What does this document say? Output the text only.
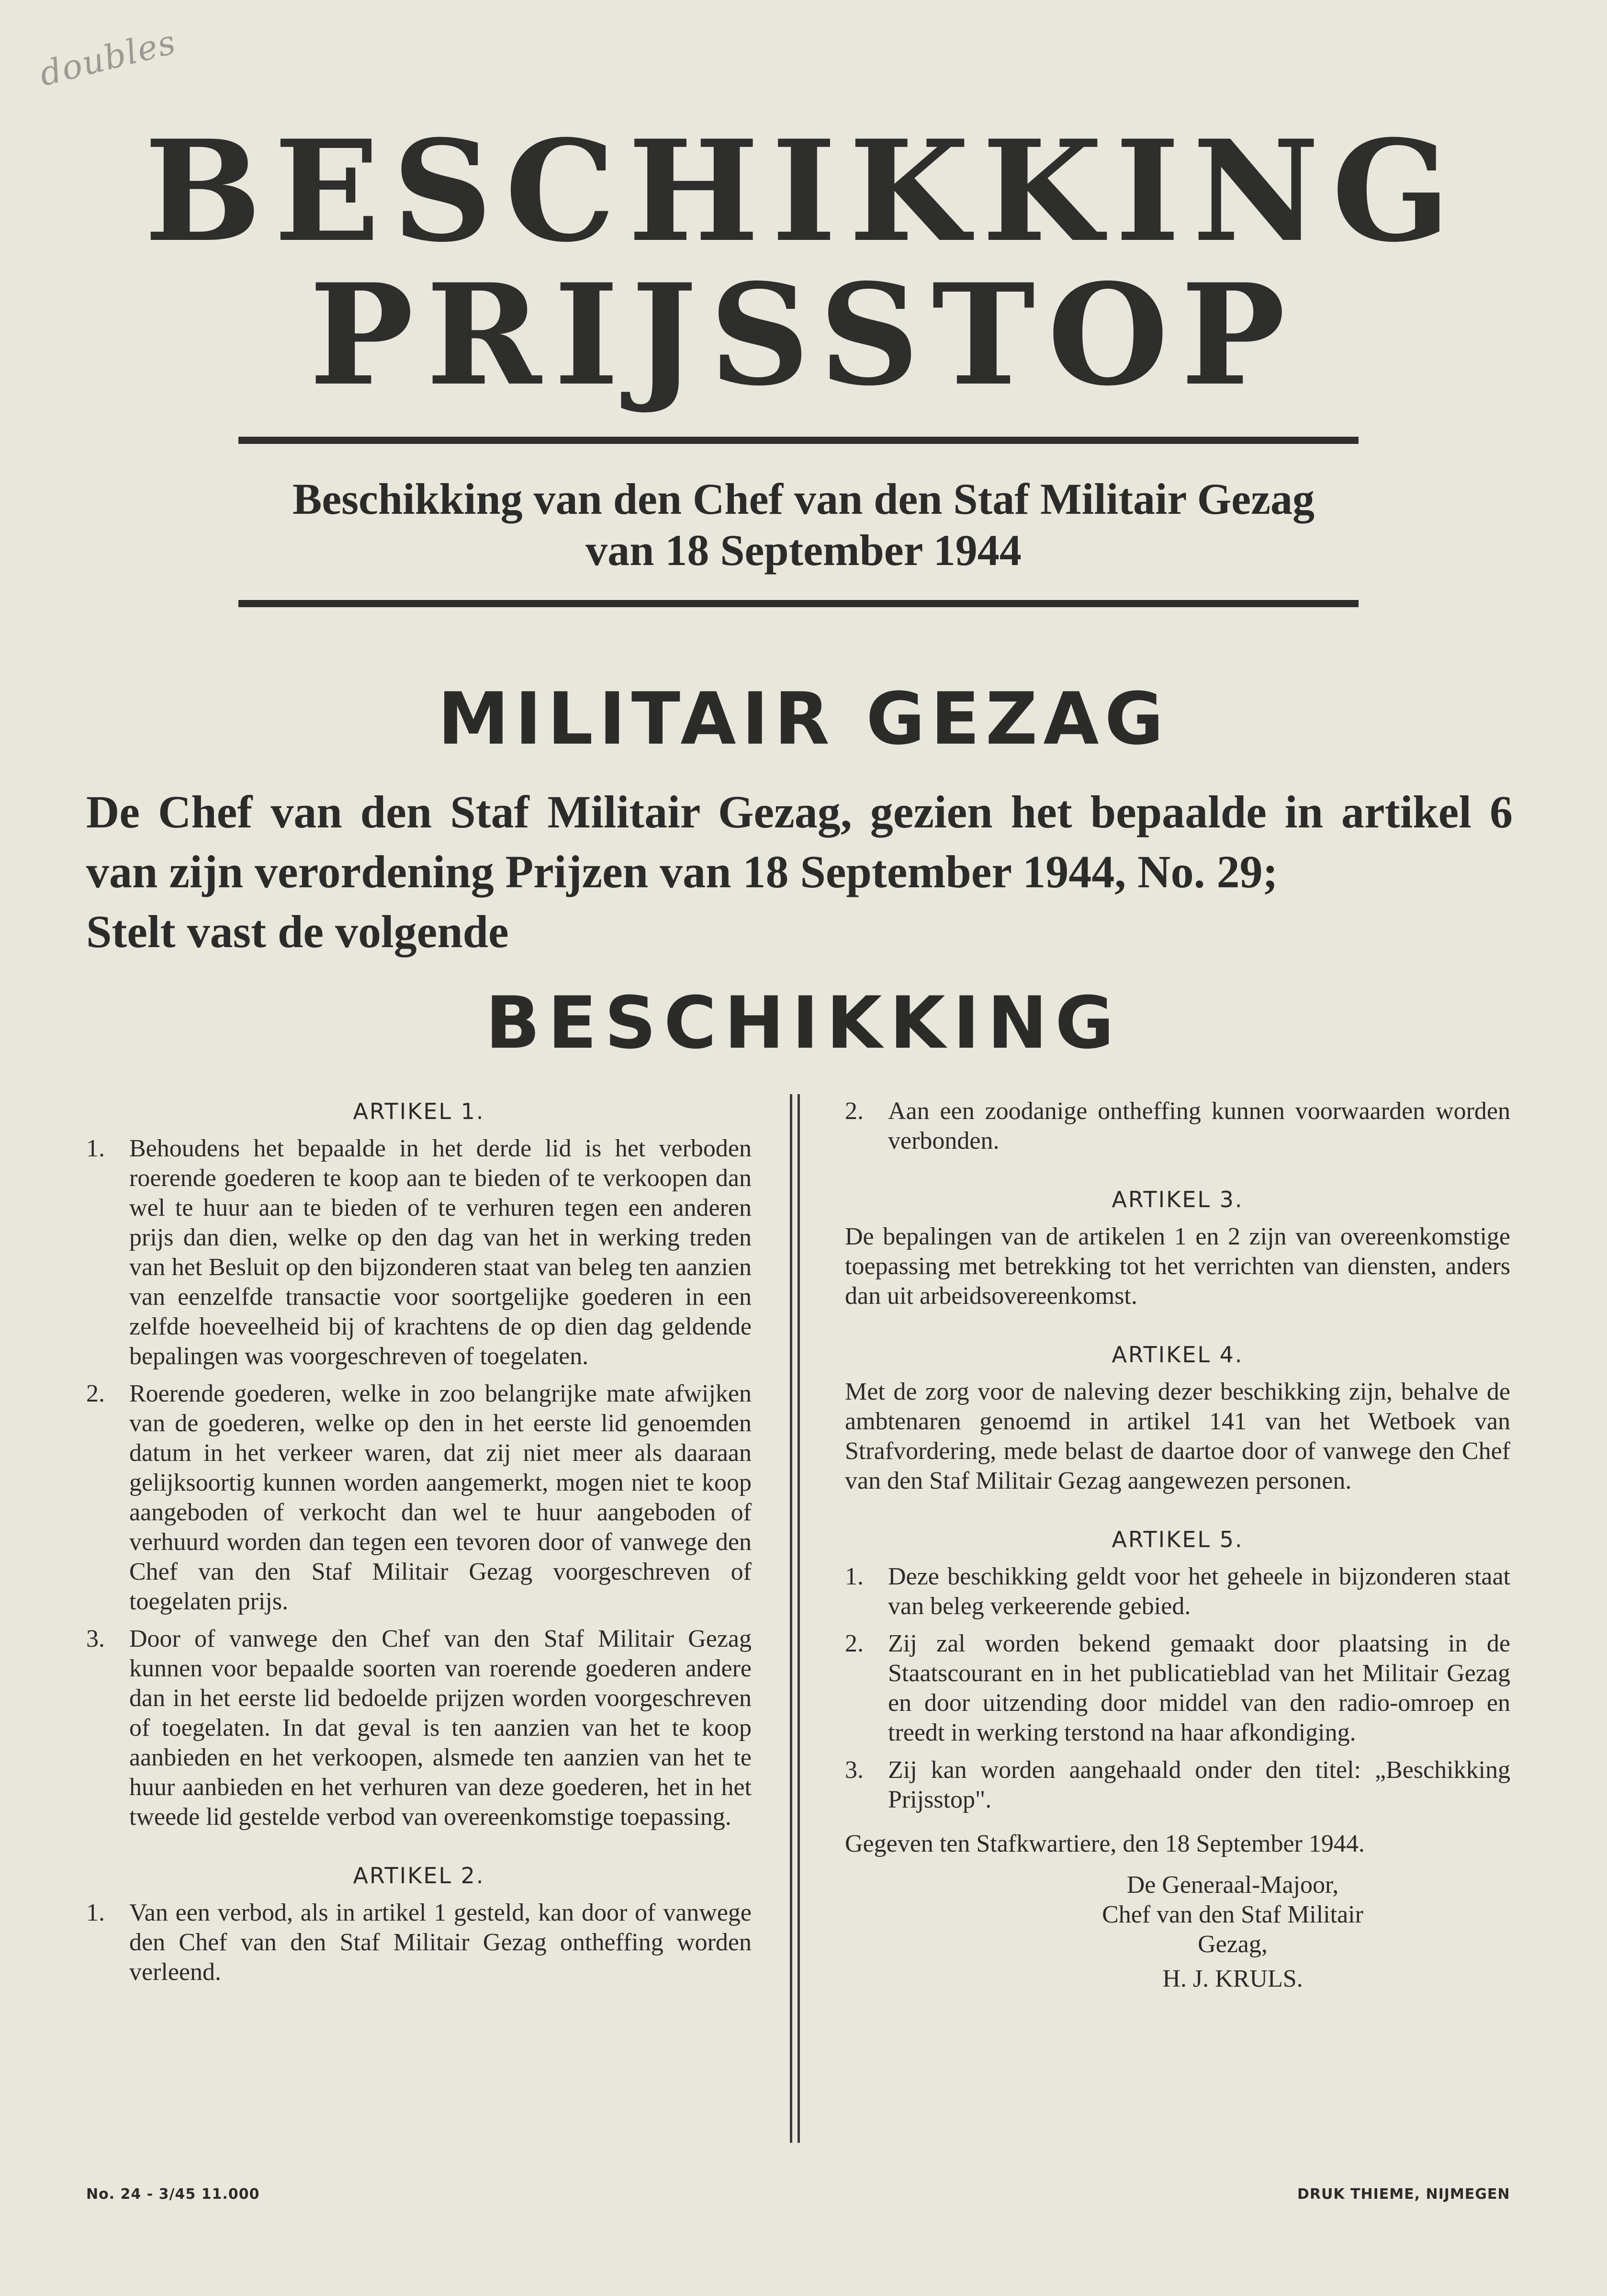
doubles
BESCHIKKING
PRIJSSTOP
Beschikking van den Chef van den Staf Militair Gezag
van 18 September 1944
MILITAIR GEZAG
De Chef van den Staf Militair Gezag, gezien het bepaalde in artikel 6
van zijn verordening Prijzen van 18 September 1944, No. 29;
Stelt vast de volgende
BESCHIKKING
ARTIKEL 1.
1. Behoudens het bepaalde in het derde lid is het verboden roerende goederen te koop aan te bieden of te verkoopen dan wel te huur aan te bieden of te verhuren tegen een anderen prijs dan dien, welke op den dag van het in werking treden van het Besluit op den bijzonderen staat van beleg ten aanzien van eenzelfde transactie voor soortgelijke goederen in een zelfde hoeveelheid bij of krachtens de op dien dag geldende bepalingen was voorgeschreven of toegelaten.
2. Roerende goederen, welke in zoo belangrijke mate afwijken van de goederen, welke op den in het eerste lid genoemden datum in het verkeer waren, dat zij niet meer als daaraan gelijksoortig kunnen worden aangemerkt, mogen niet te koop aangeboden of verkocht dan wel te huur aangeboden of verhuurd worden dan tegen een tevoren door of vanwege den Chef van den Staf Militair Gezag voorgeschreven of toegelaten prijs.
3. Door of vanwege den Chef van den Staf Militair Gezag kunnen voor bepaalde soorten van roerende goederen andere dan in het eerste lid bedoelde prijzen worden voorgeschreven of toegelaten. In dat geval is ten aanzien van het te koop aanbieden en het verkoopen, alsmede ten aanzien van het te huur aanbieden en het verhuren van deze goederen, het in het tweede lid gestelde verbod van overeenkomstige toepassing.
ARTIKEL 2.
1. Van een verbod, als in artikel 1 gesteld, kan door of vanwege den Chef van den Staf Militair Gezag ontheffing worden verleend.
2. Aan een zoodanige ontheffing kunnen voorwaarden worden verbonden.
ARTIKEL 3.
De bepalingen van de artikelen 1 en 2 zijn van overeenkomstige toepassing met betrekking tot het verrichten van diensten, anders dan uit arbeidsovereenkomst.
ARTIKEL 4.
Met de zorg voor de naleving dezer beschikking zijn, behalve de ambtenaren genoemd in artikel 141 van het Wetboek van Strafvordering, mede belast de daartoe door of vanwege den Chef van den Staf Militair Gezag aangewezen personen.
ARTIKEL 5.
1. Deze beschikking geldt voor het geheele in bijzonderen staat van beleg verkeerende gebied.
2. Zij zal worden bekend gemaakt door plaatsing in de Staatscourant en in het publicatieblad van het Militair Gezag en door uitzending door middel van den radio-omroep en treedt in werking terstond na haar afkondiging.
3. Zij kan worden aangehaald onder den titel: „Beschikking Prijsstop".
Gegeven ten Stafkwartiere, den 18 September 1944.
De Generaal-Majoor,
Chef van den Staf Militair Gezag,
H. J. KRULS.
No. 24 - 3/45 11.000	DRUK THIEME, NIJMEGEN
